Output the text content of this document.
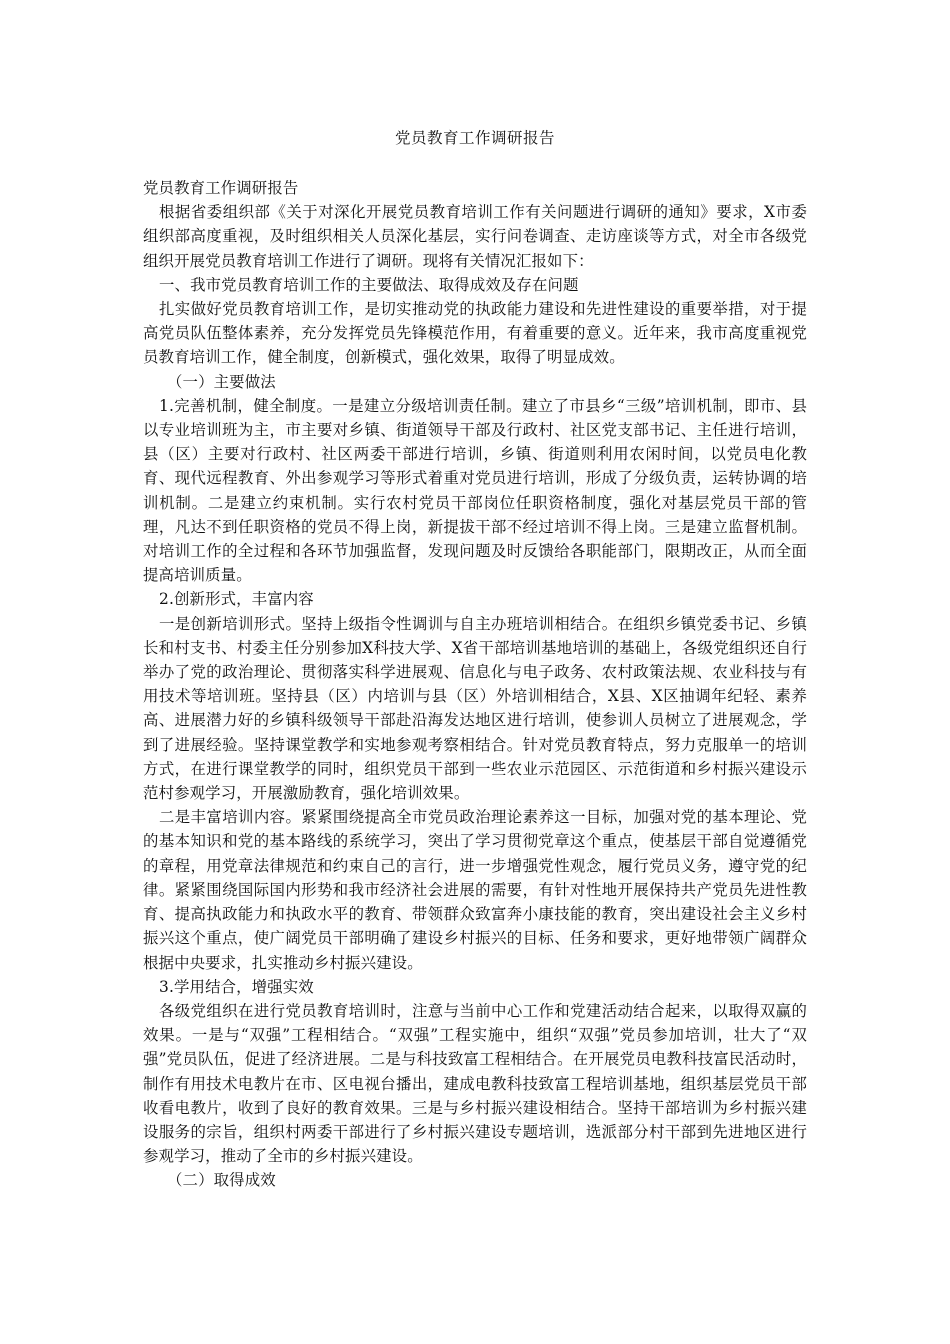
党员教育工作调研报告

党员教育工作调研报告

根据省委组织部《关于对深化开展党员教育培训工作有关问题进行调研的通知》要求，X市委组织部高度重视，及时组织相关人员深化基层，实行问卷调查、走访座谈等方式，对全市各级党组织开展党员教育培训工作进行了调研。现将有关情况汇报如下：

一、我市党员教育培训工作的主要做法、取得成效及存在问题

扎实做好党员教育培训工作，是切实推动党的执政能力建设和先进性建设的重要举措，对于提高党员队伍整体素养，充分发挥党员先锋模范作用，有着重要的意义。近年来，我市高度重视党员教育培训工作，健全制度，创新模式，强化效果，取得了明显成效。

（一）主要做法

1.完善机制，健全制度。一是建立分级培训责任制。建立了市县乡“三级”培训机制，即市、县以专业培训班为主，市主要对乡镇、街道领导干部及行政村、社区党支部书记、主任进行培训，县（区）主要对行政村、社区两委干部进行培训，乡镇、街道则利用农闲时间，以党员电化教育、现代远程教育、外出参观学习等形式着重对党员进行培训，形成了分级负责，运转协调的培训机制。二是建立约束机制。实行农村党员干部岗位任职资格制度，强化对基层党员干部的管理，凡达不到任职资格的党员不得上岗，新提拔干部不经过培训不得上岗。三是建立监督机制。对培训工作的全过程和各环节加强监督，发现问题及时反馈给各职能部门，限期改正，从而全面提高培训质量。

2.创新形式，丰富内容

一是创新培训形式。坚持上级指令性调训与自主办班培训相结合。在组织乡镇党委书记、乡镇长和村支书、村委主任分别参加X科技大学、X省干部培训基地培训的基础上，各级党组织还自行举办了党的政治理论、贯彻落实科学进展观、信息化与电子政务、农村政策法规、农业科技与有用技术等培训班。坚持县（区）内培训与县（区）外培训相结合，X县、X区抽调年纪轻、素养高、进展潜力好的乡镇科级领导干部赴沿海发达地区进行培训，使参训人员树立了进展观念，学到了进展经验。坚持课堂教学和实地参观考察相结合。针对党员教育特点，努力克服单一的培训方式，在进行课堂教学的同时，组织党员干部到一些农业示范园区、示范街道和乡村振兴建设示范村参观学习，开展激励教育，强化培训效果。

二是丰富培训内容。紧紧围绕提高全市党员政治理论素养这一目标，加强对党的基本理论、党的基本知识和党的基本路线的系统学习，突出了学习贯彻党章这个重点，使基层干部自觉遵循党的章程，用党章法律规范和约束自己的言行，进一步增强党性观念，履行党员义务，遵守党的纪律。紧紧围绕国际国内形势和我市经济社会进展的需要，有针对性地开展保持共产党员先进性教育、提高执政能力和执政水平的教育、带领群众致富奔小康技能的教育，突出建设社会主义乡村振兴这个重点，使广阔党员干部明确了建设乡村振兴的目标、任务和要求，更好地带领广阔群众根据中央要求，扎实推动乡村振兴建设。

3.学用结合，增强实效

各级党组织在进行党员教育培训时，注意与当前中心工作和党建活动结合起来，以取得双赢的效果。一是与“双强”工程相结合。“双强”工程实施中，组织“双强”党员参加培训，壮大了“双强”党员队伍，促进了经济进展。二是与科技致富工程相结合。在开展党员电教科技富民活动时，制作有用技术电教片在市、区电视台播出，建成电教科技致富工程培训基地，组织基层党员干部收看电教片，收到了良好的教育效果。三是与乡村振兴建设相结合。坚持干部培训为乡村振兴建设服务的宗旨，组织村两委干部进行了乡村振兴建设专题培训，选派部分村干部到先进地区进行参观学习，推动了全市的乡村振兴建设。

（二）取得成效
